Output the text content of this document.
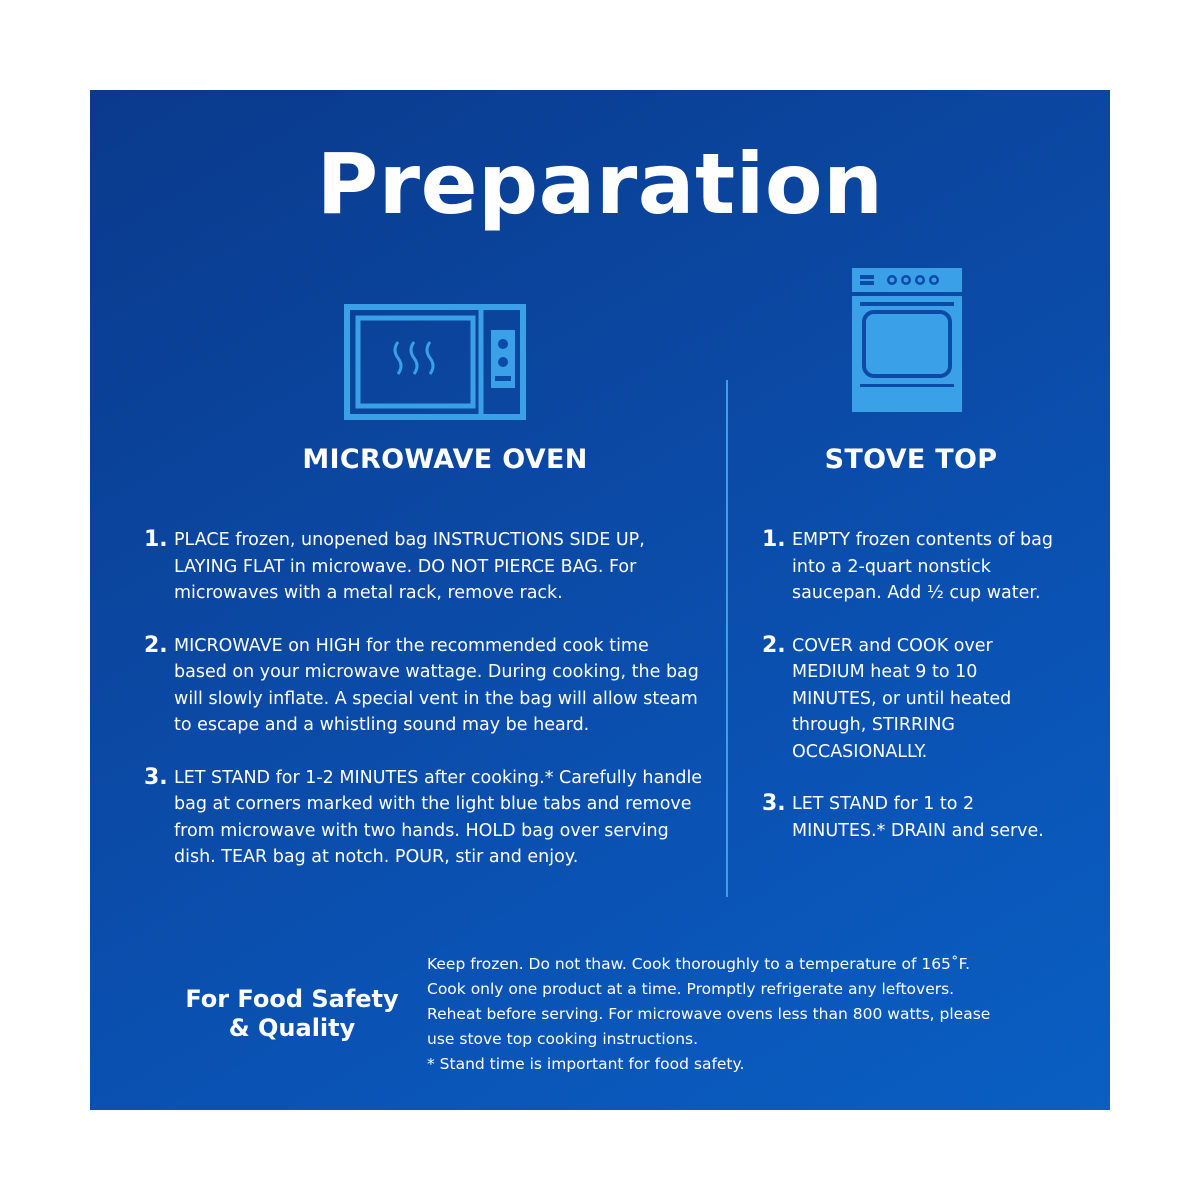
Preparation
MICROWAVE OVEN	STOVE TOP
1. PLACE frozen, unopened bag INSTRUCTIONS SIDE UP, LAYING FLAT in microwave. DO NOT PIERCE BAG. For microwaves with a metal rack, remove rack.
2. MICROWAVE on HIGH for the recommended cook time based on your microwave wattage. During cooking, the bag will slowly inflate. A special vent in the bag will allow steam to escape and a whistling sound may be heard.
3. LET STAND for 1-2 MINUTES after cooking.* Carefully handle bag at corners marked with the light blue tabs and remove from microwave with two hands. HOLD bag over serving dish. TEAR bag at notch. POUR, stir and enjoy.
1. EMPTY frozen contents of bag into a 2-quart nonstick saucepan. Add ½ cup water.
2. COVER and COOK over MEDIUM heat 9 to 10 MINUTES, or until heated through, STIRRING OCCASIONALLY.
3. LET STAND for 1 to 2 MINUTES.* DRAIN and serve.
For Food Safety
& Quality
Keep frozen. Do not thaw. Cook thoroughly to a temperature of 165˚F.
Cook only one product at a time. Promptly refrigerate any leftovers.
Reheat before serving. For microwave ovens less than 800 watts, please
use stove top cooking instructions.
* Stand time is important for food safety.
